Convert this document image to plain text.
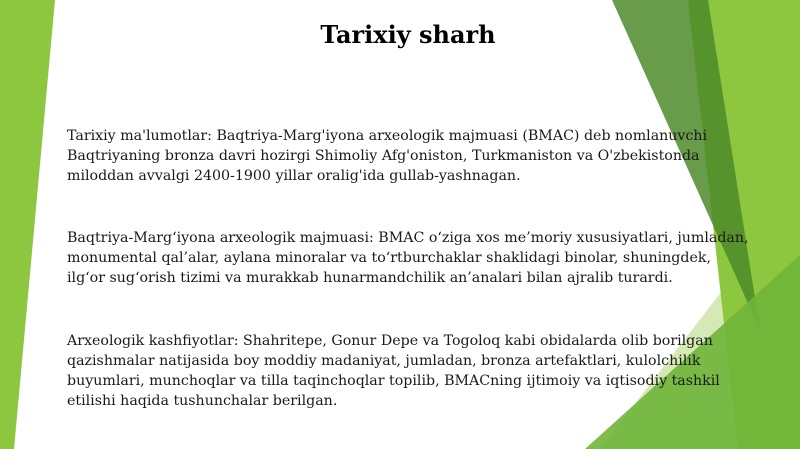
Tarixiy sharh
Tarixiy ma'lumotlar: Baqtriya-Marg'iyona arxeologik majmuasi (BMAC) deb nomlanuvchi
Baqtriyaning bronza davri hozirgi Shimoliy Afg'oniston, Turkmaniston va O'zbekistonda
miloddan avvalgi 2400-1900 yillar oralig'ida gullab-yashnagan.
Baqtriya-Marg‘iyona arxeologik majmuasi: BMAC o‘ziga xos me’moriy xususiyatlari, jumladan,
monumental qal’alar, aylana minoralar va to‘rtburchaklar shaklidagi binolar, shuningdek,
ilg‘or sug‘orish tizimi va murakkab hunarmandchilik an’analari bilan ajralib turardi.
Arxeologik kashfiyotlar: Shahritepe, Gonur Depe va Togoloq kabi obidalarda olib borilgan
qazishmalar natijasida boy moddiy madaniyat, jumladan, bronza artefaktlari, kulolchilik
buyumlari, munchoqlar va tilla taqinchoqlar topilib, BMACning ijtimoiy va iqtisodiy tashkil
etilishi haqida tushunchalar berilgan.
